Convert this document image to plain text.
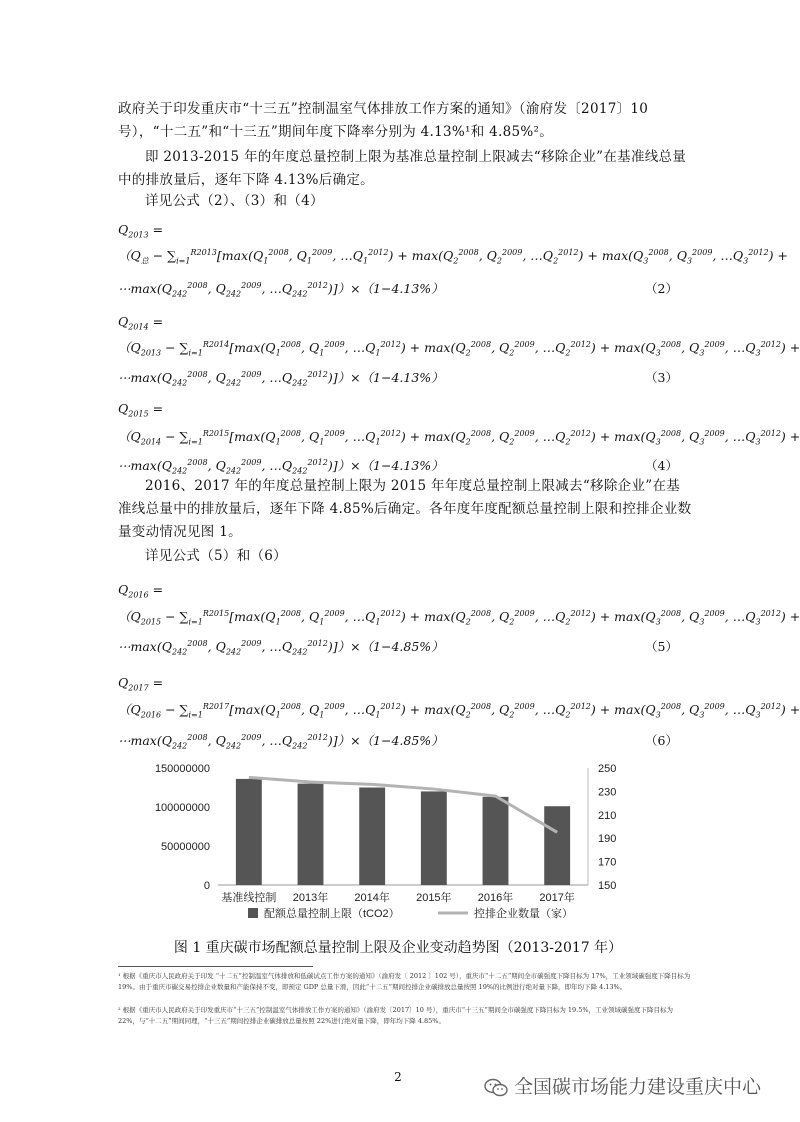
政府关于印发重庆市“十三五”控制温室气体排放工作方案的通知》（渝府发〔2017〕10 号），“十二五”和“十三五”期间年度下降率分别为 4.13%¹和 4.85%²。
即 2013-2015 年的年度总量控制上限为基准总量控制上限减去“移除企业”在基准线总量中的排放量后，逐年下降 4.13%后确定。
详见公式（2）、（3）和（4）
$Q_{2013}$ =
（$Q_总 - \sum_{i=1}^{R2013}[\max(Q_1^{2008}$, $Q_1^{2009}$, $\dots Q_1^{2012}) + \max(Q_2^{2008}$, $Q_2^{2009}$, $\dots Q_2^{2012}) + \max(Q_3^{2008}$, $Q_3^{2009}$, $\dots Q_3^{2012}$) +
$\cdots\max(Q_{242}^{2008}$, $Q_{242}^{2009}$, $\dots Q_{242}^{2012})])\times(1-4.13\%)$	（2）
$Q_{2014}$ =
（$Q_{2013} - \sum_{i=1}^{R2014}[\max(Q_1^{2008}$, $Q_1^{2009}$, $\dots Q_1^{2012}) + \max(Q_2^{2008}$, $Q_2^{2009}$, $\dots Q_2^{2012}) + \max(Q_3^{2008}$, $Q_3^{2009}$, $\dots Q_3^{2012}$) +
$\cdots\max(Q_{242}^{2008}$, $Q_{242}^{2009}$, $\dots Q_{242}^{2012})])\times(1-4.13\%)$	（3）
$Q_{2015}$ =
（$Q_{2014} - \sum_{i=1}^{R2015}[\max(Q_1^{2008}$, $Q_1^{2009}$, $\dots Q_1^{2012}) + \max(Q_2^{2008}$, $Q_2^{2009}$, $\dots Q_2^{2012}) + \max(Q_3^{2008}$, $Q_3^{2009}$, $\dots Q_3^{2012}$) +
$\cdots\max(Q_{242}^{2008}$, $Q_{242}^{2009}$, $\dots Q_{242}^{2012})])\times(1-4.13\%)$	（4）
2016、2017 年的年度总量控制上限为 2015 年年度总量控制上限减去“移除企业”在基准线总量中的排放量后，逐年下降 4.85%后确定。各年度年度配额总量控制上限和控排企业数量变动情况见图 1。
详见公式（5）和（6）
$Q_{2016}$ =
（$Q_{2015} - \sum_{i=1}^{R2015}[\max(Q_1^{2008}$, $Q_1^{2009}$, $\dots Q_1^{2012}) + \max(Q_2^{2008}$, $Q_2^{2009}$, $\dots Q_2^{2012}) + \max(Q_3^{2008}$, $Q_3^{2009}$, $\dots Q_3^{2012}$) +
$\cdots\max(Q_{242}^{2008}$, $Q_{242}^{2009}$, $\dots Q_{242}^{2012})])\times(1-4.85\%)$	（5）
$Q_{2017}$ =
（$Q_{2016} - \sum_{i=1}^{R2017}[\max(Q_1^{2008}$, $Q_1^{2009}$, $\dots Q_1^{2012}) + \max(Q_2^{2008}$, $Q_2^{2009}$, $\dots Q_2^{2012}) + \max(Q_3^{2008}$, $Q_3^{2009}$, $\dots Q_3^{2012}$) +
$\cdots\max(Q_{242}^{2008}$, $Q_{242}^{2009}$, $\dots Q_{242}^{2012})])\times(1-4.85\%)$	（6）
0
50000000
100000000
150000000
150
170
190
210
230
250
基准线控制 2013年 2014年 2015年 2016年 2017年
配额总量控制上限（tCO2）	控排企业数量（家）
图 1 重庆碳市场配额总量控制上限及企业变动趋势图（2013-2017 年）
¹ 根据《重庆市人民政府关于印发 “十二五”控制温室气体排放和低碳试点工作方案的通知》（渝府发〔 2012 〕102 号），重庆市“十二五”期间全市碳强度下降目标为 17%，工业领域碳强度下降目标为 19%。由于重庆市碳交易控排企业数量和产能保持不变，即预定 GDP 总量下滑，因此“十二五”期间控排企业碳排放总量按照 19%的比例进行绝对量下降，即年均下降 4.13%。
² 根据《重庆市人民政府关于印发重庆市“十三五”控制温室气体排放工作方案的通知》（渝府发〔2017〕10 号），重庆市“十三五”期间全市碳强度下降目标为 19.5%，工业领域碳强度下降目标为 22%，与“十二五”期间同理，“十三五”期间控排企业碳排放总量按照 22%进行绝对量下降，即年均下降 4.85%。
2	全国碳市场能力建设重庆中心
